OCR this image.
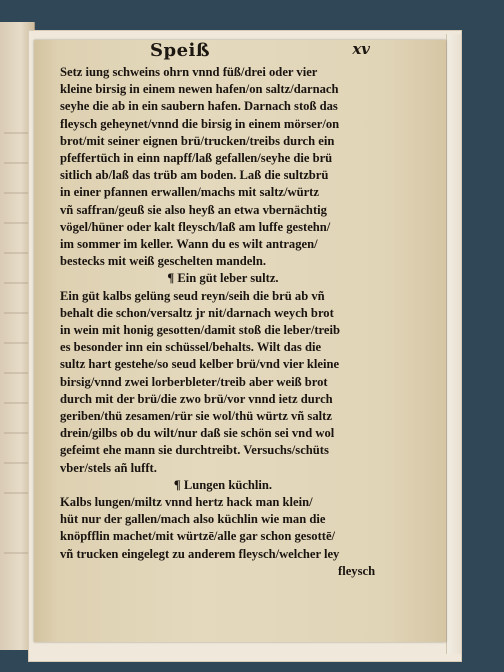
Speiß	xv
Setz iung schweins ohrn vnnd füß/drei oder vier
kleine birsig in einem newen hafen/on saltz/darnach
seyhe die ab in ein saubern hafen. Darnach stoß das
fleysch geheynet/vnnd die birsig in einem mörser/on
brot/mit seiner eignen brü/trucken/treibs durch ein
pfeffertüch in einn napff/laß gefallen/seyhe die brü
sitlich ab/laß das trüb am boden. Laß die sultzbrü
in einer pfannen erwallen/machs mit saltz/würtz
vñ saffran/geuß sie also heyß an etwa vbernächtig
vögel/hüner oder kalt fleysch/laß am luffe gestehn/
im sommer im keller. Wann du es wilt antragen/
bestecks mit weiß geschelten mandeln.
¶ Ein güt leber sultz.
Ein güt kalbs gelüng seud reyn/seih die brü ab vñ
behalt die schon/versaltz jr nit/darnach weych brot
in wein mit honig gesotten/damit stoß die leber/treib
es besonder inn ein schüssel/behalts. Wilt das die
sultz hart gestehe/so seud kelber brü/vnd vier kleine
birsig/vnnd zwei lorberbleter/treib aber weiß brot
durch mit der brü/die zwo brü/vor vnnd ietz durch
geriben/thü zesamen/rür sie wol/thü würtz vñ saltz
drein/gilbs ob du wilt/nur daß sie schön sei vnd wol
gefeimt ehe mann sie durchtreibt. Versuchs/schüts
vber/stels añ lufft.
¶ Lungen küchlin.
Kalbs lungen/miltz vnnd hertz hack man klein/
hüt nur der gallen/mach also küchlin wie man die
knöpfflin machet/mit würtzē/alle gar schon gesottē/
vñ trucken eingelegt zu anderem fleysch/welcher ley
fleysch
